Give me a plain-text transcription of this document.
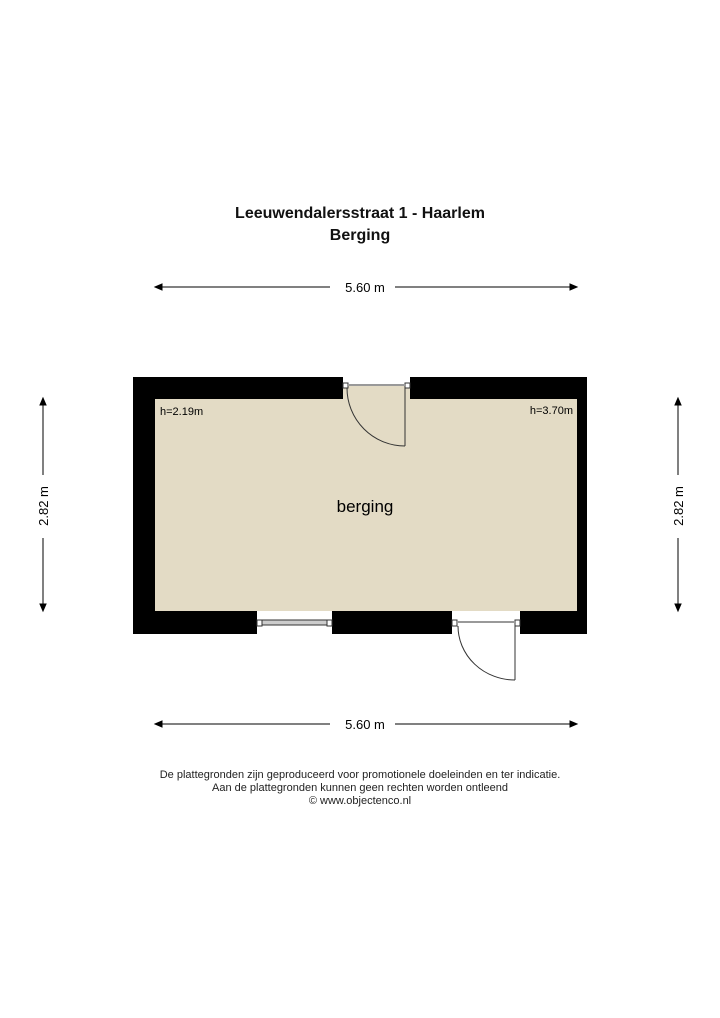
Leeuwendalersstraat 1 - Haarlem
Berging
5.60 m
5.60 m
2.82 m	2.82 m
h=2.19m	h=3.70m
berging
De plattegronden zijn geproduceerd voor promotionele doeleinden en ter indicatie.
Aan de plattegronden kunnen geen rechten worden ontleend
© www.objectenco.nl
